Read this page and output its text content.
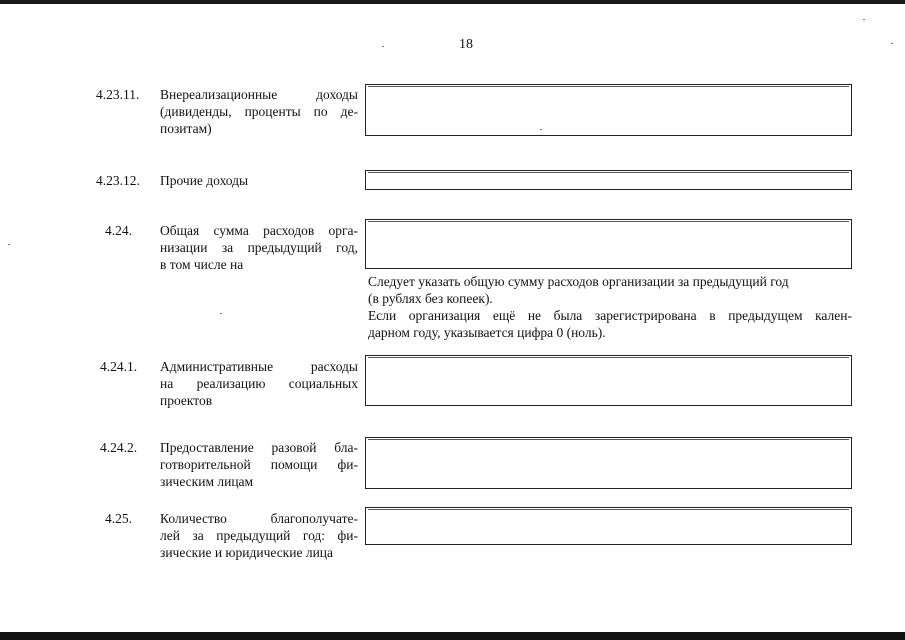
18
4.23.11. Внереализационные доходы
(дивиденды, проценты по де-
позитам)
4.23.12. Прочие доходы
4.24. Общая сумма расходов орга-
низации за предыдущий год,
в том числе на
Следует указать общую сумму расходов организации за предыдущий год
(в рублях без копеек).
Если организация ещё не была зарегистрирована в предыдущем кален-
дарном году, указывается цифра 0 (ноль).
4.24.1. Административные расходы
на реализацию социальных
проектов
4.24.2. Предоставление разовой бла-
готворительной помощи фи-
зическим лицам
4.25. Количество благополучате-
лей за предыдущий год: фи-
зические и юридические лица
